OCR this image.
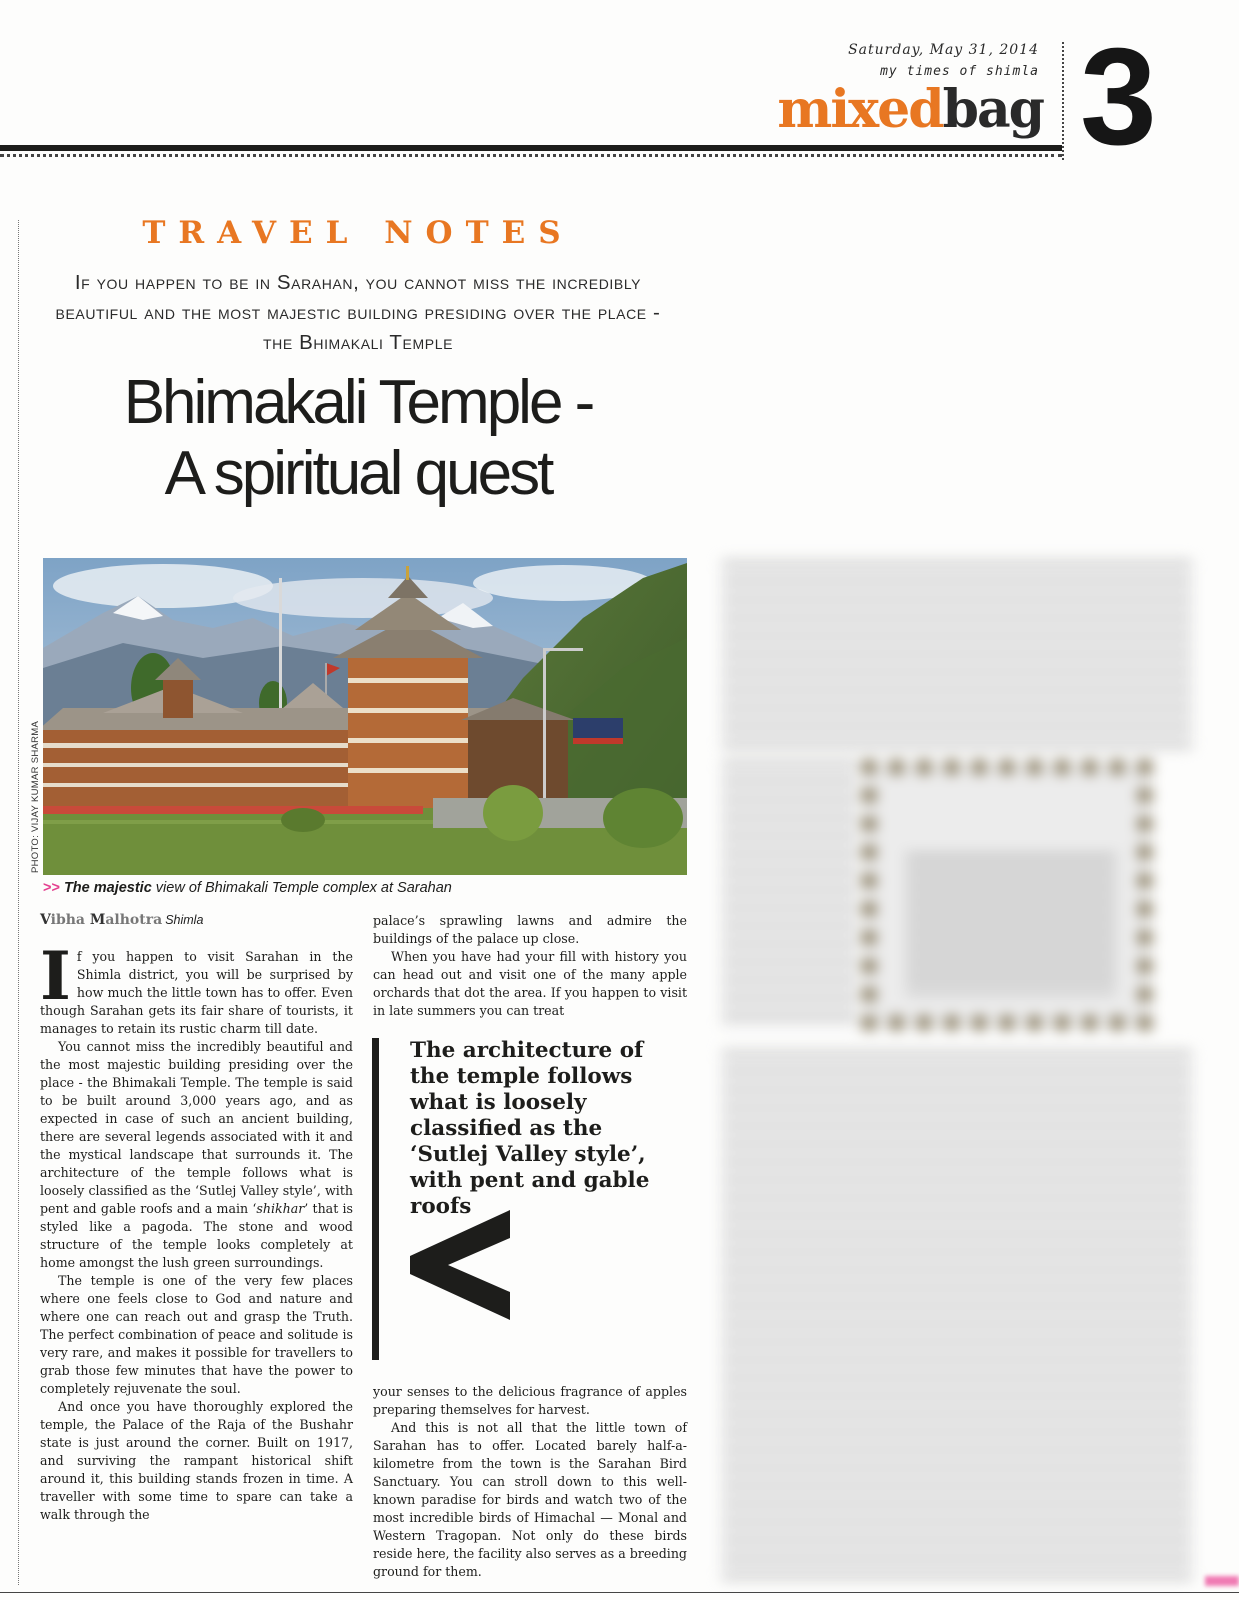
Saturday, May 31, 2014
my times of shimla
mixedbag 3
TRAVEL NOTES
If you happen to be in Sarahan, you cannot miss the incredibly beautiful and the most majestic building presiding over the place - the Bhimakali Temple
Bhimakali Temple -
A spiritual quest
PHOTO: VIJAY KUMAR SHARMA
>> The majestic view of Bhimakali Temple complex at Sarahan
Vibha Malhotra Shimla

If you happen to visit Sarahan in the Shimla district, you will be surprised by how much the little town has to offer. Even though Sarahan gets its fair share of tourists, it manages to retain its rustic charm till date.

You cannot miss the incredibly beautiful and the most majestic building presiding over the place - the Bhimakali Temple. The temple is said to be built around 3,000 years ago, and as expected in case of such an ancient building, there are several legends associated with it and the mystical landscape that surrounds it. The architecture of the temple follows what is loosely classified as the ‘Sutlej Valley style’, with pent and gable roofs and a main ‘shikhar’ that is styled like a pagoda. The stone and wood structure of the temple looks completely at home amongst the lush green surroundings.

The temple is one of the very few places where one feels close to God and nature and where one can reach out and grasp the Truth. The perfect combination of peace and solitude is very rare, and makes it possible for travellers to grab those few minutes that have the power to completely rejuvenate the soul.

And once you have thoroughly explored the temple, the Palace of the Raja of the Bushahr state is just around the corner. Built on 1917, and surviving the rampant historical shift around it, this building stands frozen in time. A traveller with some time to spare can take a walk through the

palace’s sprawling lawns and admire the buildings of the palace up close.

When you have had your fill with history you can head out and visit one of the many apple orchards that dot the area. If you happen to visit in late summers you can treat

The architecture of the temple follows what is loosely classified as the ‘Sutlej Valley style’, with pent and gable roofs

your senses to the delicious fragrance of apples preparing themselves for harvest.

And this is not all that the little town of Sarahan has to offer. Located barely half-a-kilometre from the town is the Sarahan Bird Sanctuary. You can stroll down to this well-known paradise for birds and watch two of the most incredible birds of Himachal — Monal and Western Tragopan. Not only do these birds reside here, the facility also serves as a breeding ground for them.
